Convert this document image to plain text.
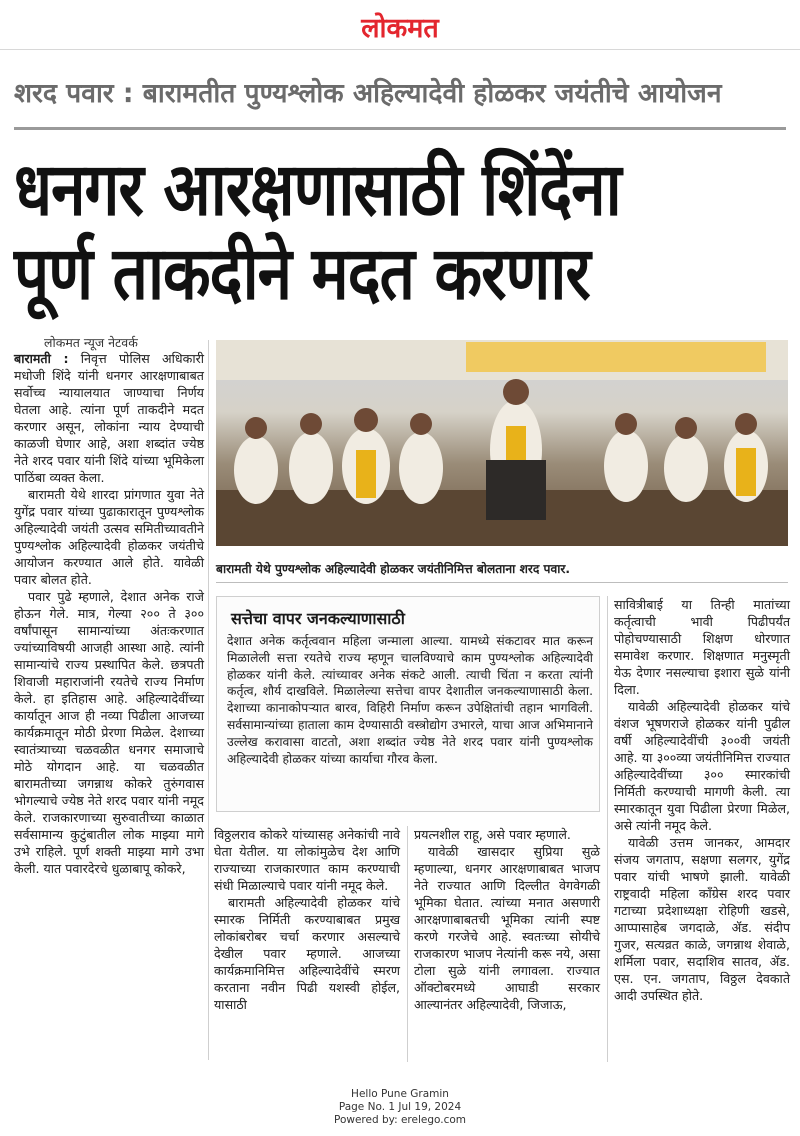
लोकमत
शरद पवार : बारामतीत पुण्यश्लोक अहिल्यादेवी होळकर जयंतीचे आयोजन
धनगर आरक्षणासाठी शिंदेंना
पूर्ण ताकदीने मदत करणार
लोकमत न्यूज नेटवर्क

बारामती : निवृत्त पोलिस अधिकारी मधोजी शिंदे यांनी धनगर आरक्षणाबाबत सर्वोच्च न्यायालयात जाण्याचा निर्णय घेतला आहे. त्यांना पूर्ण ताकदीने मदत करणार असून, लोकांना न्याय देण्याची काळजी घेणार आहे, अशा शब्दांत ज्येष्ठ नेते शरद पवार यांनी शिंदे यांच्या भूमिकेला पाठिंबा व्यक्त केला.

बारामती येथे शारदा प्रांगणात युवा नेते युगेंद्र पवार यांच्या पुढाकारातून पुण्यश्लोक अहिल्यादेवी जयंती उत्सव समितीच्यावतीने पुण्यश्लोक अहिल्यादेवी होळकर जयंतीचे आयोजन करण्यात आले होते. यावेळी पवार बोलत होते.

पवार पुढे म्हणाले, देशात अनेक राजे होऊन गेले. मात्र, गेल्या २०० ते ३०० वर्षांपासून सामान्यांच्या अंतःकरणात ज्यांच्याविषयी आजही आस्था आहे. त्यांनी सामान्यांचे राज्य प्रस्थापित केले. छत्रपती शिवाजी महाराजांनी रयतेचे राज्य निर्माण केले. हा इतिहास आहे. अहिल्यादेवींच्या कार्यातून आज ही नव्या पिढीला आजच्या कार्यक्रमातून मोठी प्रेरणा मिळेल. देशाच्या स्वातंत्र्याच्या चळवळीत धनगर समाजाचे मोठे योगदान आहे. या चळवळीत बारामतीच्या जगन्नाथ कोकरे तुरुंगवास भोगल्याचे ज्येष्ठ नेते शरद पवार यांनी नमूद केले. राजकारणाच्या सुरुवातीच्या काळात सर्वसामान्य कुटुंबातील लोक माझ्या मागे उभे राहिले. पूर्ण शक्ती माझ्या मागे उभा केली. यात पवारदेरचे धुळाबापू कोकरे,

बारामती येथे पुण्यश्लोक अहिल्यादेवी होळकर जयंतीनिमित्त बोलताना शरद पवार.
सत्तेचा वापर जनकल्याणासाठी
देशात अनेक कर्तृत्ववान महिला जन्माला आल्या. यामध्ये संकटावर मात करून मिळालेली सत्ता रयतेचे राज्य म्हणून चालविण्याचे काम पुण्यश्लोक अहिल्यादेवी होळकर यांनी केले. त्यांच्यावर अनेक संकटे आली. त्याची चिंता न करता त्यांनी कर्तृत्व, शौर्य दाखविले. मिळालेल्या सत्तेचा वापर देशातील जनकल्याणासाठी केला. देशाच्या कानाकोपऱ्यात बारव, विहिरी निर्माण करून उपेक्षितांची तहान भागविली. सर्वसामान्यांच्या हाताला काम देण्यासाठी वस्त्रोद्योग उभारले, याचा आज अभिमानाने उल्लेख करावासा वाटतो, अशा शब्दांत ज्येष्ठ नेते शरद पवार यांनी पुण्यश्लोक अहिल्यादेवी होळकर यांच्या कार्याचा गौरव केला.

विठ्ठलराव कोकरे यांच्यासह अनेकांची नावे घेता येतील. या लोकांमुळेच देश आणि राज्याच्या राजकारणात काम करण्याची संधी मिळाल्याचे पवार यांनी नमूद केले.

बारामती अहिल्यादेवी होळकर यांचे स्मारक निर्मिती करण्याबाबत प्रमुख लोकांबरोबर चर्चा करणार असल्याचे देखील पवार म्हणाले. आजच्या कार्यक्रमानिमित्त अहिल्यादेवींचे स्मरण करताना नवीन पिढी यशस्वी होईल, यासाठी

प्रयत्नशील राहू, असे पवार म्हणाले.

यावेळी खासदार सुप्रिया सुळे म्हणाल्या, धनगर आरक्षणाबाबत भाजप नेते राज्यात आणि दिल्लीत वेगवेगळी भूमिका घेतात. त्यांच्या मनात असणारी आरक्षणाबाबतची भूमिका त्यांनी स्पष्ट करणे गरजेचे आहे. स्वतःच्या सोयीचे राजकारण भाजप नेत्यांनी करू नये, असा टोला सुळे यांनी लगावला. राज्यात ऑक्टोबरमध्ये आघाडी सरकार आल्यानंतर अहिल्यादेवी, जिजाऊ,

सावित्रीबाई या तिन्ही मातांच्या कर्तृत्वाची भावी पिढीपर्यंत पोहोचण्यासाठी शिक्षण धोरणात समावेश करणार. शिक्षणात मनुस्मृती येऊ देणार नसल्याचा इशारा सुळे यांनी दिला.

यावेळी अहिल्यादेवी होळकर यांचे वंशज भूषणराजे होळकर यांनी पुढील वर्षी अहिल्यादेवींची ३००वी जयंती आहे. या ३००व्या जयंतीनिमित्त राज्यात अहिल्यादेवींच्या ३०० स्मारकांची निर्मिती करण्याची मागणी केली. त्या स्मारकातून युवा पिढीला प्रेरणा मिळेल, असे त्यांनी नमूद केले.

यावेळी उत्तम जानकर, आमदार संजय जगताप, सक्षणा सलगर, युगेंद्र पवार यांची भाषणे झाली. यावेळी राष्ट्रवादी महिला काँग्रेस शरद पवार गटाच्या प्रदेशाध्यक्षा रोहिणी खडसे, आप्पासाहेब जगदाळे, ॲड. संदीप गुजर, सत्यव्रत काळे, जगन्नाथ शेवाळे, शर्मिला पवार, सदाशिव सातव, ॲड. एस. एन. जगताप, विठ्ठल देवकाते आदी उपस्थित होते.

Hello Pune Gramin
Page No. 1 Jul 19, 2024
Powered by: erelego.com
